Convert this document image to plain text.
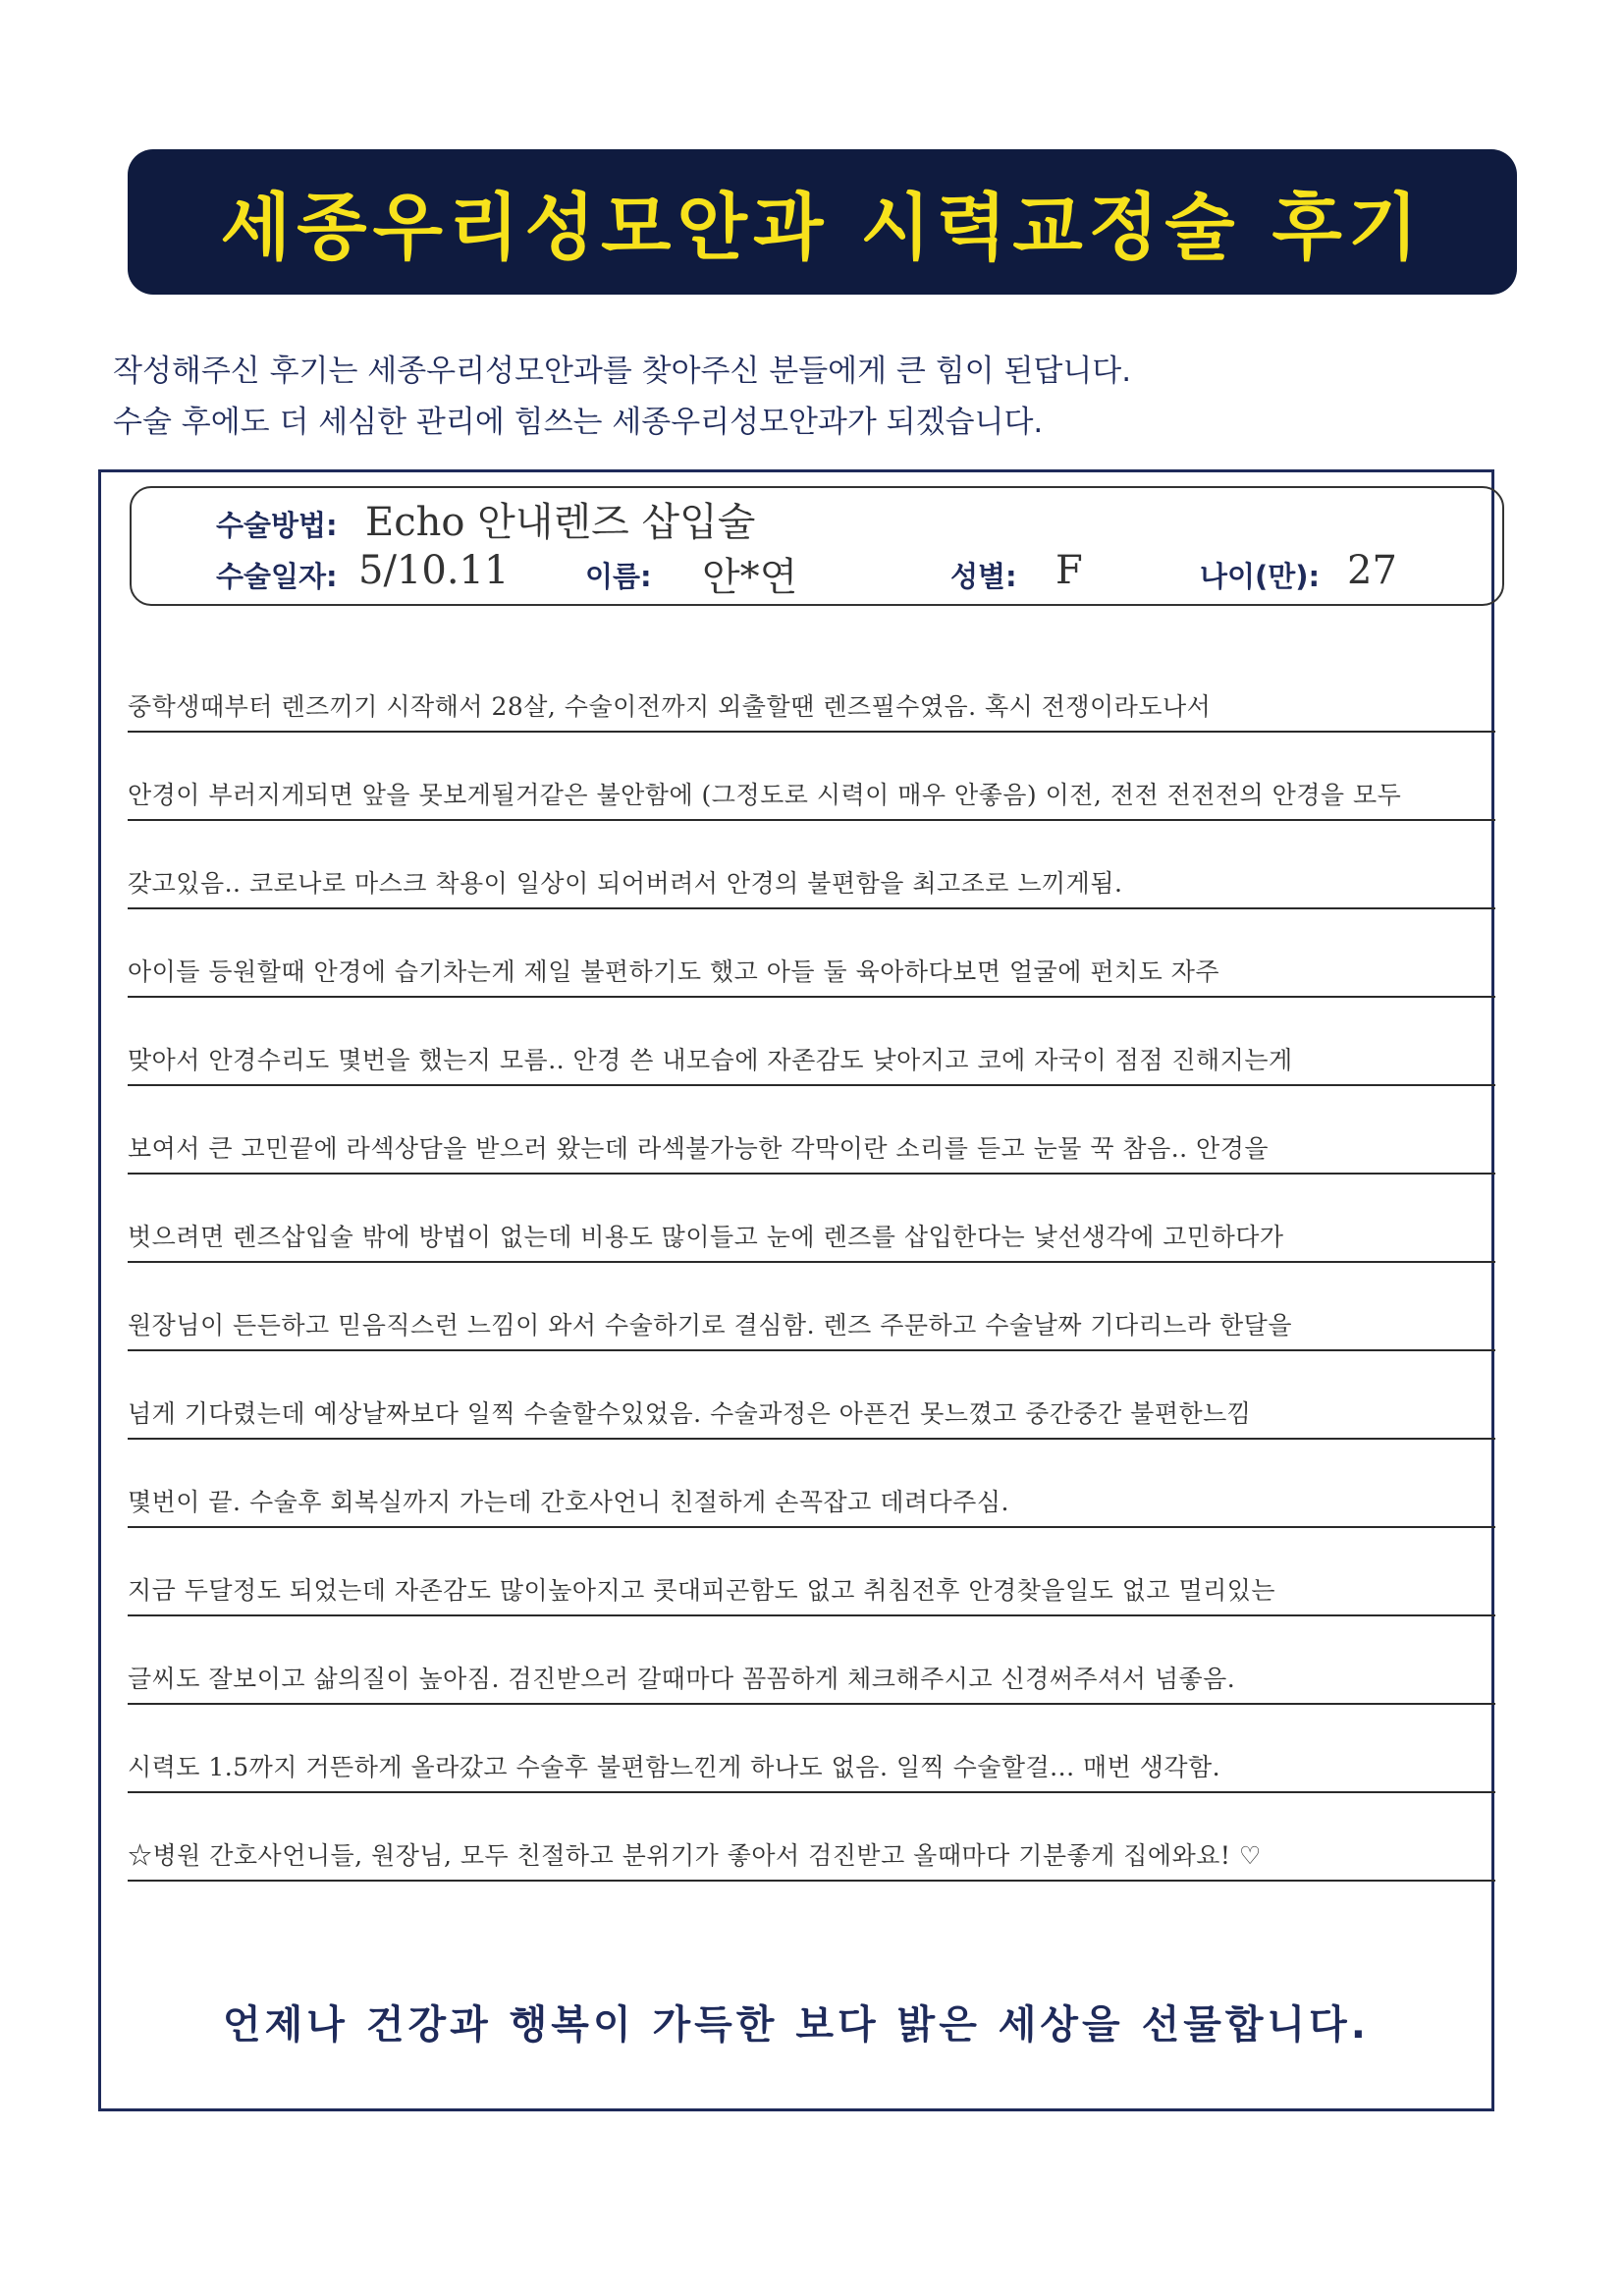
세종우리성모안과 시력교정술 후기
작성해주신 후기는 세종우리성모안과를 찾아주신 분들에게 큰 힘이 된답니다.
수술 후에도 더 세심한 관리에 힘쓰는 세종우리성모안과가 되겠습니다.
수술방법: Echo 안내렌즈 삽입술
수술일자: 5/10.11	이름: 안*연	성별: F	나이(만): 27
중학생때부터 렌즈끼기 시작해서 28살, 수술이전까지 외출할땐 렌즈필수였음. 혹시 전쟁이라도나서
안경이 부러지게되면 앞을 못보게될거같은 불안함에 (그정도로 시력이 매우 안좋음) 이전, 전전 전전전의 안경을 모두
갖고있음.. 코로나로 마스크 착용이 일상이 되어버려서 안경의 불편함을 최고조로 느끼게됨.
아이들 등원할때 안경에 습기차는게 제일 불편하기도 했고 아들 둘 육아하다보면 얼굴에 펀치도 자주
맞아서 안경수리도 몇번을 했는지 모름.. 안경 쓴 내모습에 자존감도 낮아지고 코에 자국이 점점 진해지는게
보여서 큰 고민끝에 라섹상담을 받으러 왔는데 라섹불가능한 각막이란 소리를 듣고 눈물 꾹 참음.. 안경을
벗으려면 렌즈삽입술 밖에 방법이 없는데 비용도 많이들고 눈에 렌즈를 삽입한다는 낯선생각에 고민하다가
원장님이 든든하고 믿음직스런 느낌이 와서 수술하기로 결심함. 렌즈 주문하고 수술날짜 기다리느라 한달을
넘게 기다렸는데 예상날짜보다 일찍 수술할수있었음. 수술과정은 아픈건 못느꼈고 중간중간 불편한느낌
몇번이 끝. 수술후 회복실까지 가는데 간호사언니 친절하게 손꼭잡고 데려다주심.
지금 두달정도 되었는데 자존감도 많이높아지고 콧대피곤함도 없고 취침전후 안경찾을일도 없고 멀리있는
글씨도 잘보이고 삶의질이 높아짐. 검진받으러 갈때마다 꼼꼼하게 체크해주시고 신경써주셔서 넘좋음.
시력도 1.5까지 거뜬하게 올라갔고 수술후 불편함느낀게 하나도 없음. 일찍 수술할걸... 매번 생각함.
☆병원 간호사언니들, 원장님, 모두 친절하고 분위기가 좋아서 검진받고 올때마다 기분좋게 집에와요! ♡
언제나 건강과 행복이 가득한 보다 밝은 세상을 선물합니다.
